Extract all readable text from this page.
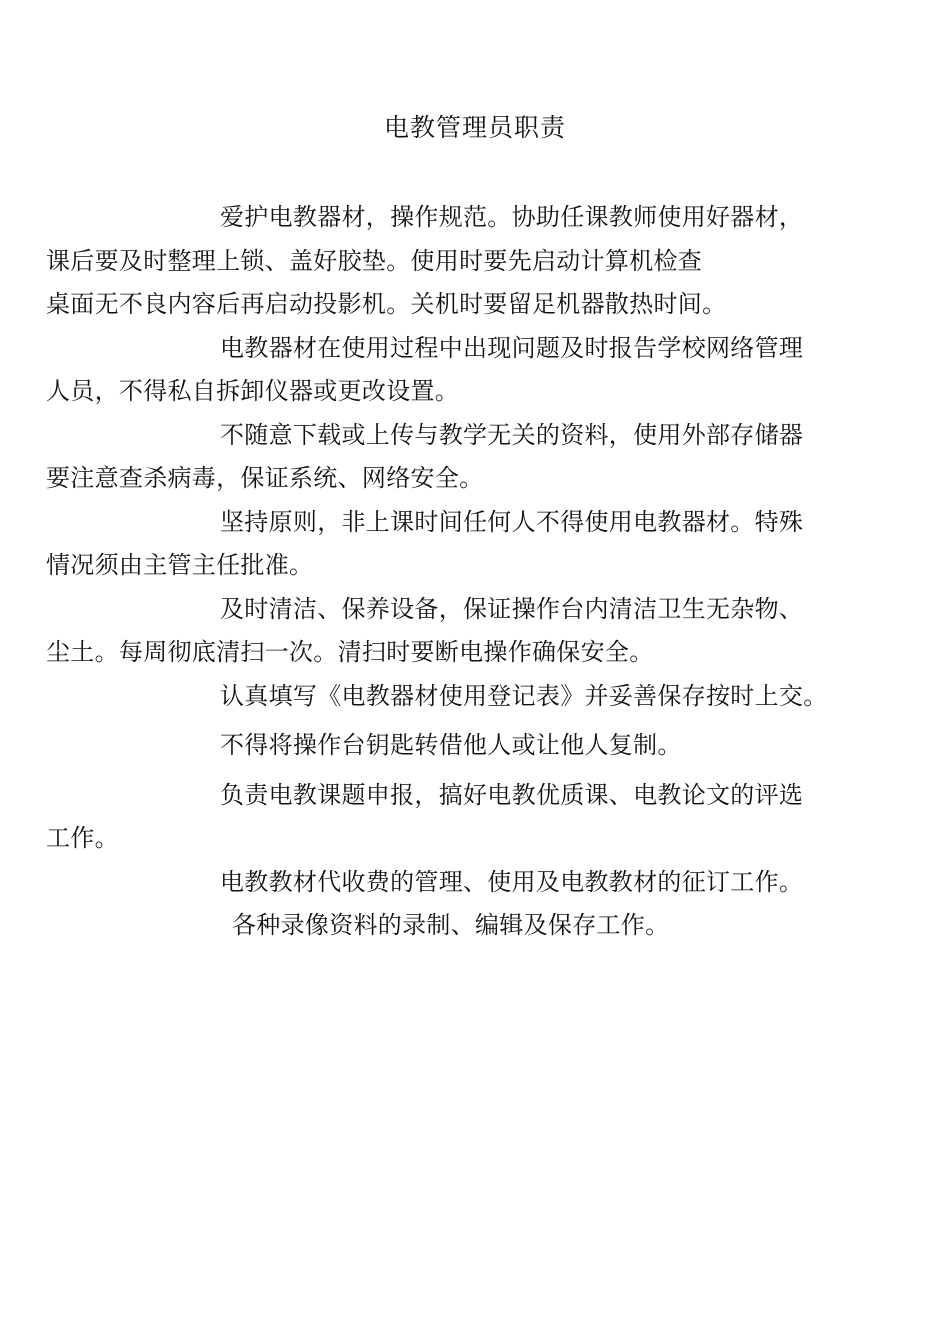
电教管理员职责

爱护电教器材，操作规范。协助任课教师使用好器材，
课后要及时整理上锁、盖好胶垫。使用时要先启动计算机检查
桌面无不良内容后再启动投影机。关机时要留足机器散热时间。

电教器材在使用过程中出现问题及时报告学校网络管理
人员，不得私自拆卸仪器或更改设置。

不随意下载或上传与教学无关的资料，使用外部存储器
要注意查杀病毒，保证系统、网络安全。

坚持原则，非上课时间任何人不得使用电教器材。特殊
情况须由主管主任批准。

及时清洁、保养设备，保证操作台内清洁卫生无杂物、
尘土。每周彻底清扫一次。清扫时要断电操作确保安全。

认真填写《电教器材使用登记表》并妥善保存按时上交。

不得将操作台钥匙转借他人或让他人复制。

负责电教课题申报，搞好电教优质课、电教论文的评选
工作。

电教教材代收费的管理、使用及电教教材的征订工作。

各种录像资料的录制、编辑及保存工作。
